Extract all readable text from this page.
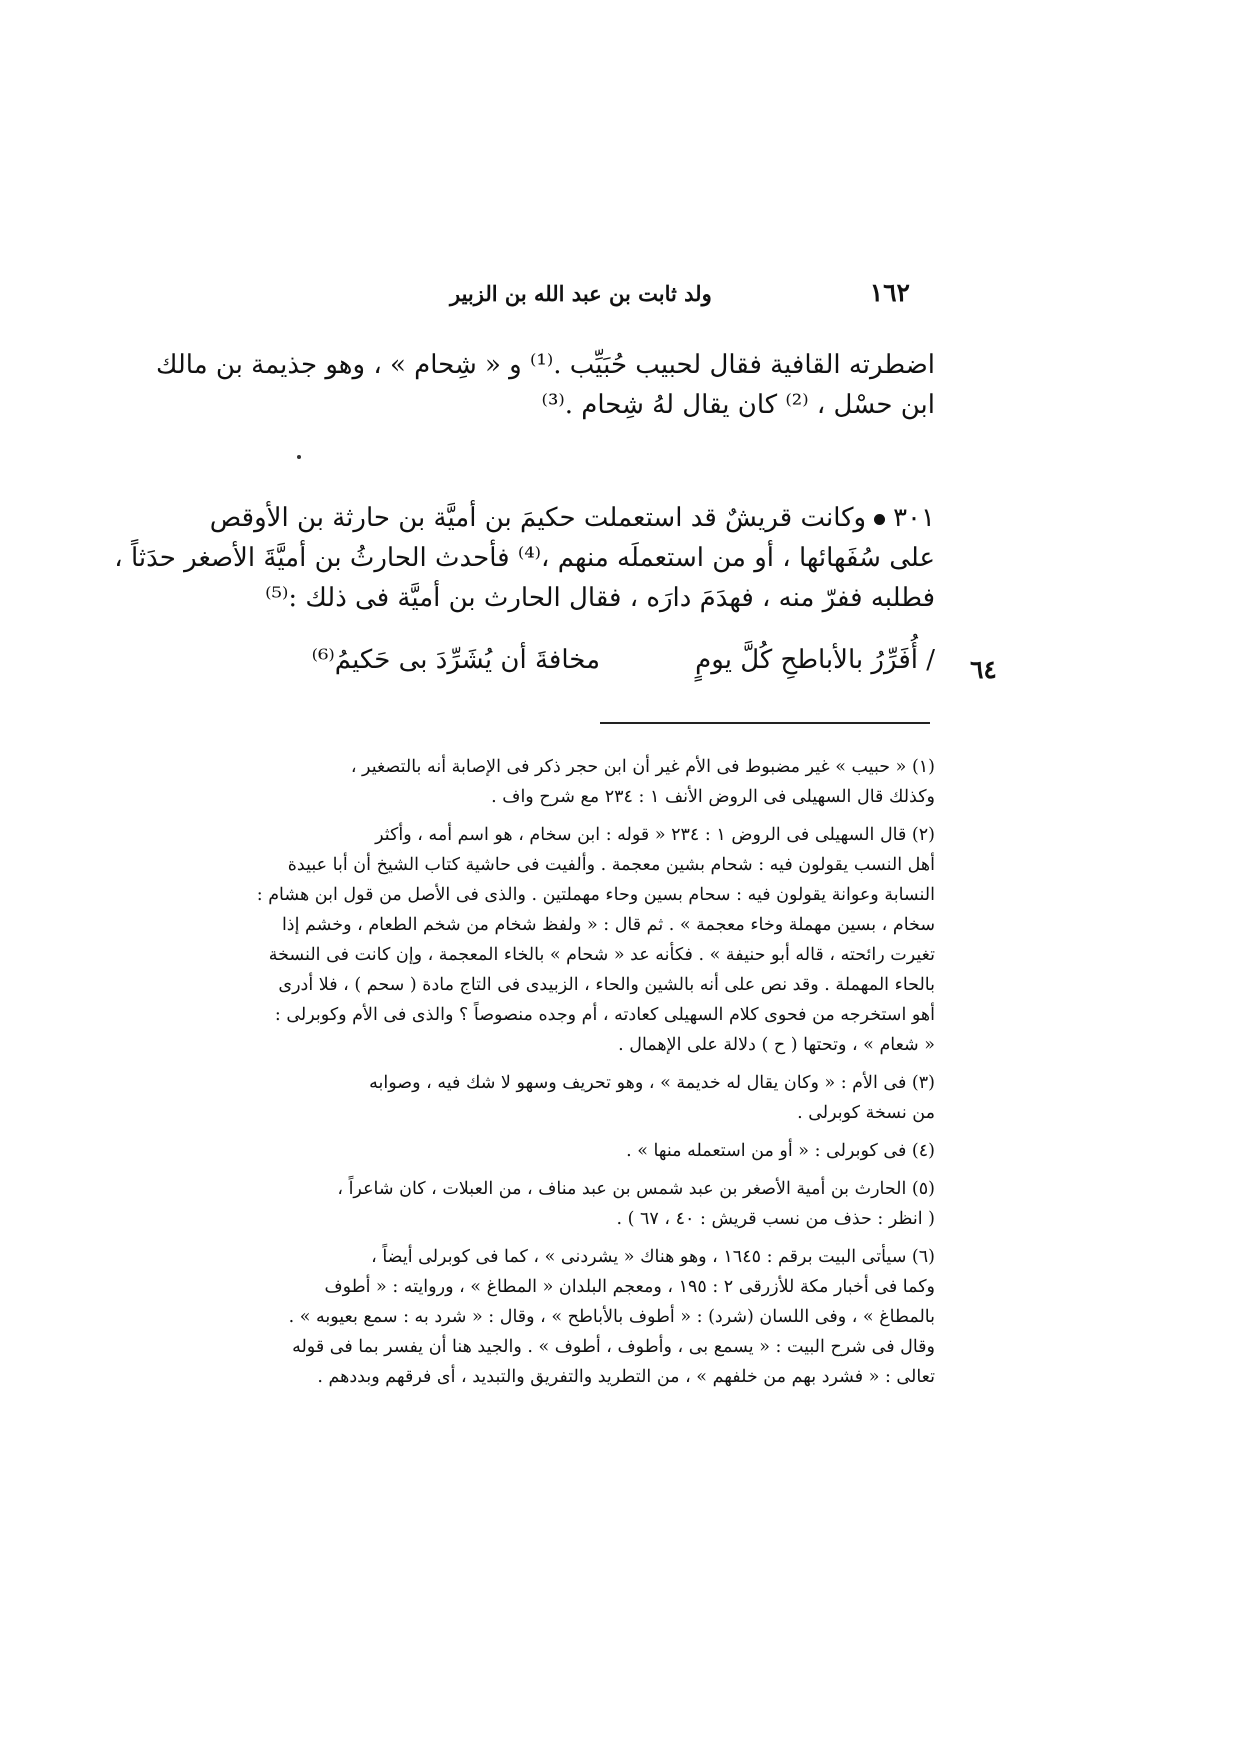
١٦٢
ولد ثابت بن عبد الله بن الزبير
اضطرته القافية فقال لحبيب حُبَيِّب .⁽¹⁾ و « شِحام » ، وهو جذيمة بن مالك
ابن حسْل ، ⁽²⁾ كان يقال لهُ شِحام .⁽³⁾
٣٠١وكانت قريشٌ قد استعملت حكيمَ بن أميَّة بن حارثة بن الأوقص
على سُفَهائها ، أو من استعملَه منهم ،⁽⁴⁾ فأحدث الحارثُ بن أميَّةَ الأصغر حدَثاً ،
فطلبه ففرّ منه ، فهدَمَ دارَه ، فقال الحارث بن أميَّة فى ذلك :⁽⁵⁾
/ أُفَرِّرُ بالأباطحِ كُلَّ يومٍ
مخافةَ أن يُشَرِّدَ بى حَكيمُ⁽⁶⁾	٦٤
(١) « حبيب » غير مضبوط فى الأم غير أن ابن حجر ذكر فى الإصابة أنه بالتصغير ،
وكذلك قال السهيلى فى الروض الأنف ١ : ٢٣٤ مع شرح واف .
(٢) قال السهيلى فى الروض ١ : ٢٣٤ « قوله : ابن سخام ، هو اسم أمه ، وأكثر
أهل النسب يقولون فيه : شحام بشين معجمة . وألفيت فى حاشية كتاب الشيخ أن أبا عبيدة
النسابة وعوانة يقولون فيه : سحام بسين وحاء مهملتين . والذى فى الأصل من قول ابن هشام :
سخام ، بسين مهملة وخاء معجمة » . ثم قال : « ولفظ شخام من شخم الطعام ، وخشم إذا
تغيرت رائحته ، قاله أبو حنيفة » . فكأنه عد « شحام » بالخاء المعجمة ، وإن كانت فى النسخة
بالحاء المهملة . وقد نص على أنه بالشين والحاء ، الزبيدى فى التاج مادة ( سحم ) ، فلا أدرى
أهو استخرجه من فحوى كلام السهيلى كعادته ، أم وجده منصوصاً ؟ والذى فى الأم وكوبرلى :
« شعام » ، وتحتها ( ح ) دلالة على الإهمال .
(٣) فى الأم : « وكان يقال له خديمة » ، وهو تحريف وسهو لا شك فيه ، وصوابه
من نسخة كوبرلى .
(٤) فى كوبرلى : « أو من استعمله منها » .
(٥) الحارث بن أمية الأصغر بن عبد شمس بن عبد مناف ، من العبلات ، كان شاعراً ،
( انظر : حذف من نسب قريش : ٤٠ ، ٦٧ ) .
(٦) سيأتى البيت برقم : ١٦٤٥ ، وهو هناك « يشردنى » ، كما فى كوبرلى أيضاً ،
وكما فى أخبار مكة للأزرقى ٢ : ١٩٥ ، ومعجم البلدان « المطاغ » ، وروايته : « أطوف
بالمطاغ » ، وفى اللسان (شرد) : « أطوف بالأباطح » ، وقال : « شرد به : سمع بعيوبه » .
وقال فى شرح البيت : « يسمع بى ، وأطوف ، أطوف » . والجيد هنا أن يفسر بما فى قوله
تعالى : « فشرد بهم من خلفهم » ، من التطريد والتفريق والتبديد ، أى فرقهم وبددهم .
